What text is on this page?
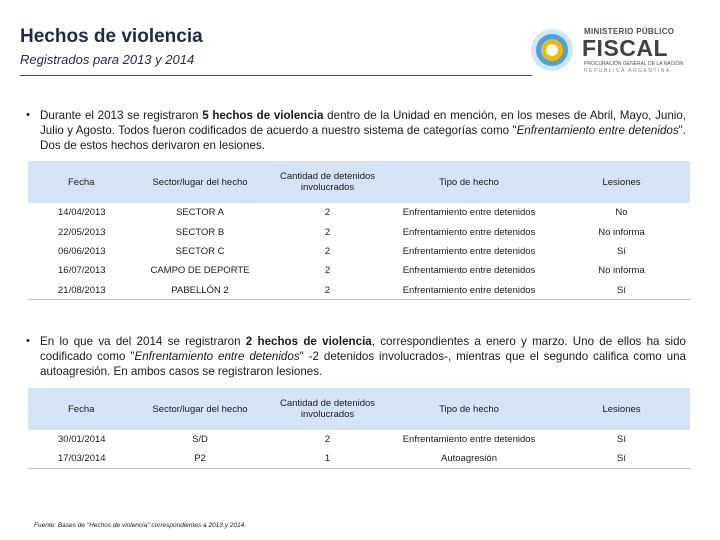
Hechos de violencia
Registrados para 2013 y 2014
MINISTERIO PÚBLICO
FISCAL
PROCURACIÓN GENERAL DE LA NACIÓN
REPÚBLICA ARGENTINA
• Durante el 2013 se registraron 5 hechos de violencia dentro de la Unidad en mención, en los meses de Abril, Mayo, Junio, Julio y Agosto. Todos fueron codificados de acuerdo a nuestro sistema de categorías como "Enfrentamiento entre detenidos". Dos de estos hechos derivaron en lesiones.
Fecha	Sector/lugar del hecho	Cantidad de detenidos involucrados	Tipo de hecho	Lesiones
14/04/2013	SECTOR A	2	Enfrentamiento entre detenidos	No
22/05/2013	SECTOR B	2	Enfrentamiento entre detenidos	No informa
06/06/2013	SECTOR C	2	Enfrentamiento entre detenidos	Sí
16/07/2013	CAMPO DE DEPORTE	2	Enfrentamiento entre detenidos	No informa
21/08/2013	PABELLÓN 2	2	Enfrentamiento entre detenidos	Sí
• En lo que va del 2014 se registraron 2 hechos de violencia, correspondientes a enero y marzo. Uno de ellos ha sido codificado como "Enfrentamiento entre detenidos" -2 detenidos involucrados-, mientras que el segundo califica como una autoagresión. En ambos casos se registraron lesiones.
Fecha	Sector/lugar del hecho	Cantidad de detenidos involucrados	Tipo de hecho	Lesiones
30/01/2014	S/D	2	Enfrentamiento entre detenidos	Sí
17/03/2014	P2	1	Autoagresión	Sí
Fuente: Bases de "Hechos de violencia" correspondientes a 2013 y 2014.
